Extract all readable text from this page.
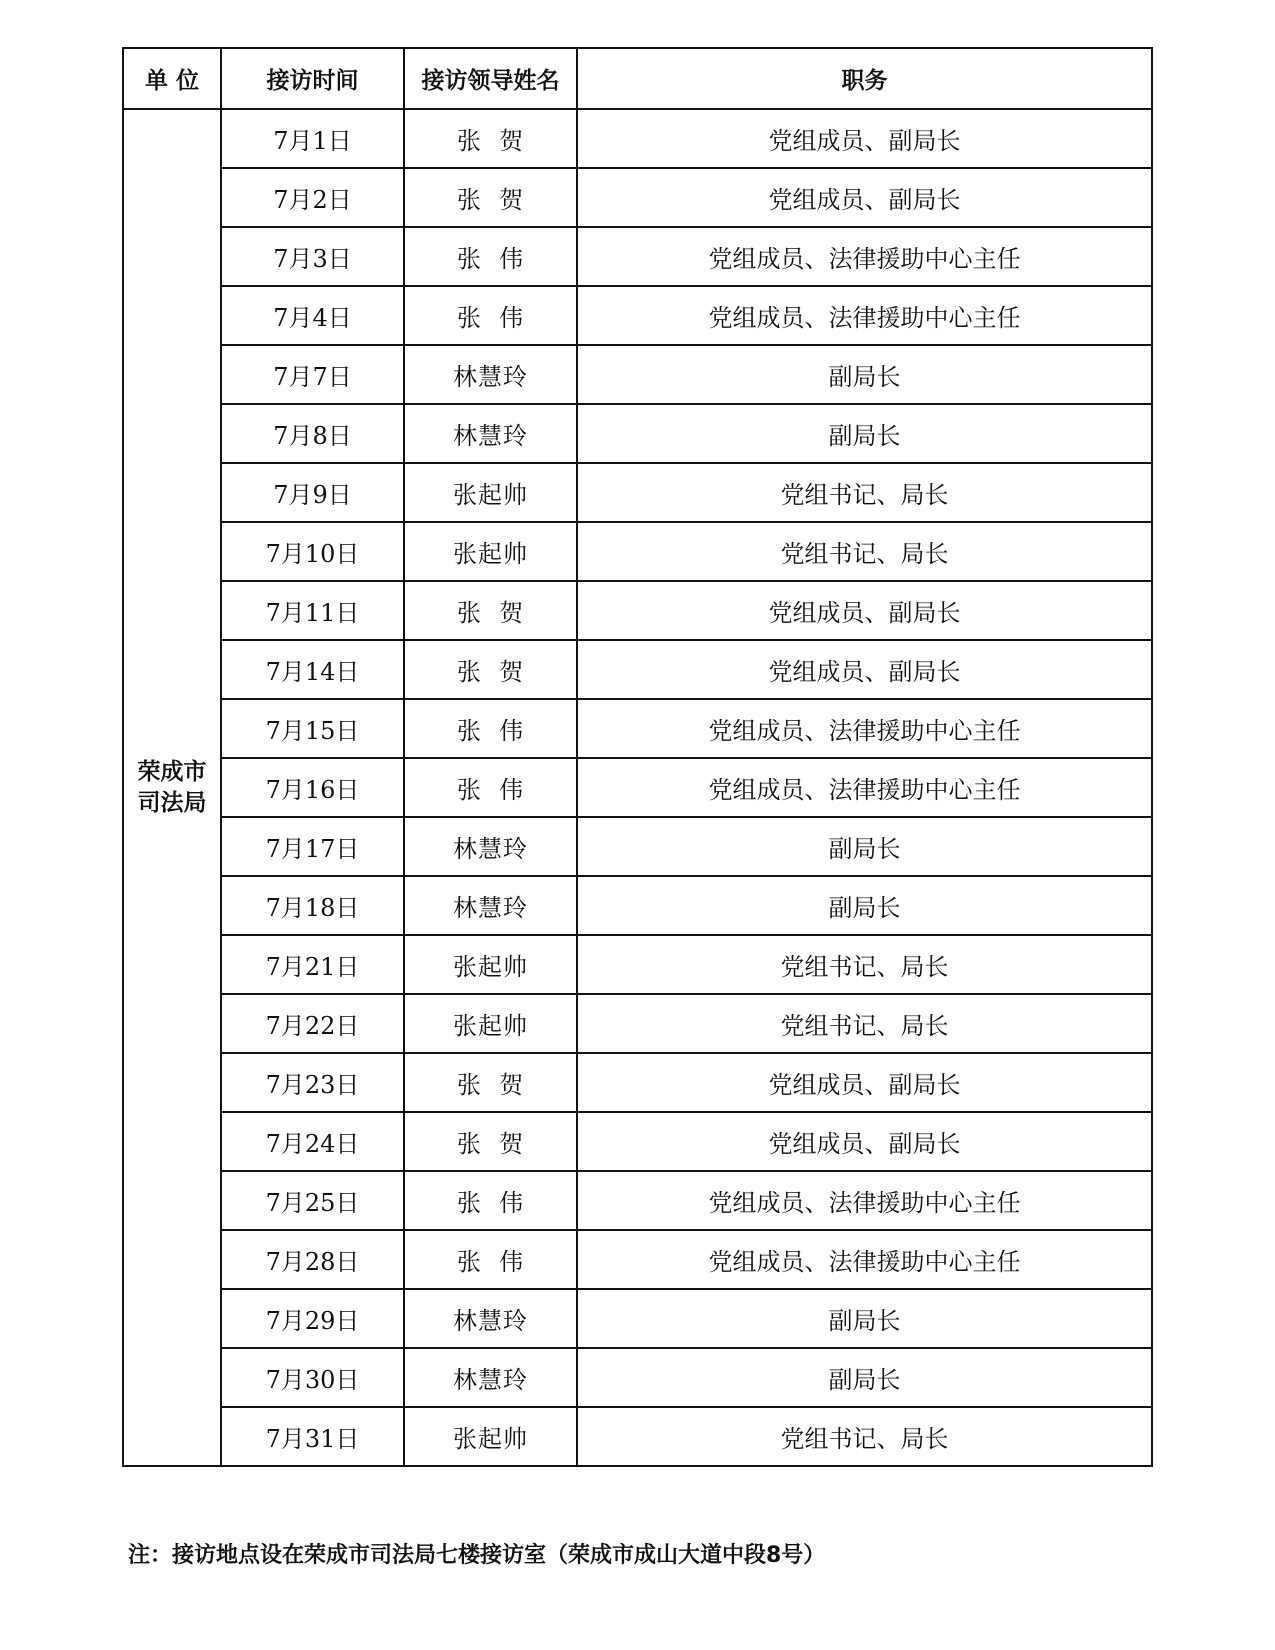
单 位	接访时间	接访领导姓名	职务

荣成市
司法局	7月1日	张  贺	党组成员、副局长
	7月2日	张  贺	党组成员、副局长
	7月3日	张  伟	党组成员、法律援助中心主任
	7月4日	张  伟	党组成员、法律援助中心主任
	7月7日	林慧玲	副局长
	7月8日	林慧玲	副局长
	7月9日	张起帅	党组书记、局长
	7月10日	张起帅	党组书记、局长
	7月11日	张  贺	党组成员、副局长
	7月14日	张  贺	党组成员、副局长
	7月15日	张  伟	党组成员、法律援助中心主任
	7月16日	张  伟	党组成员、法律援助中心主任
	7月17日	林慧玲	副局长
	7月18日	林慧玲	副局长
	7月21日	张起帅	党组书记、局长
	7月22日	张起帅	党组书记、局长
	7月23日	张  贺	党组成员、副局长
	7月24日	张  贺	党组成员、副局长
	7月25日	张  伟	党组成员、法律援助中心主任
	7月28日	张  伟	党组成员、法律援助中心主任
	7月29日	林慧玲	副局长
	7月30日	林慧玲	副局长
	7月31日	张起帅	党组书记、局长
注：接访地点设在荣成市司法局七楼接访室（荣成市成山大道中段8号）
